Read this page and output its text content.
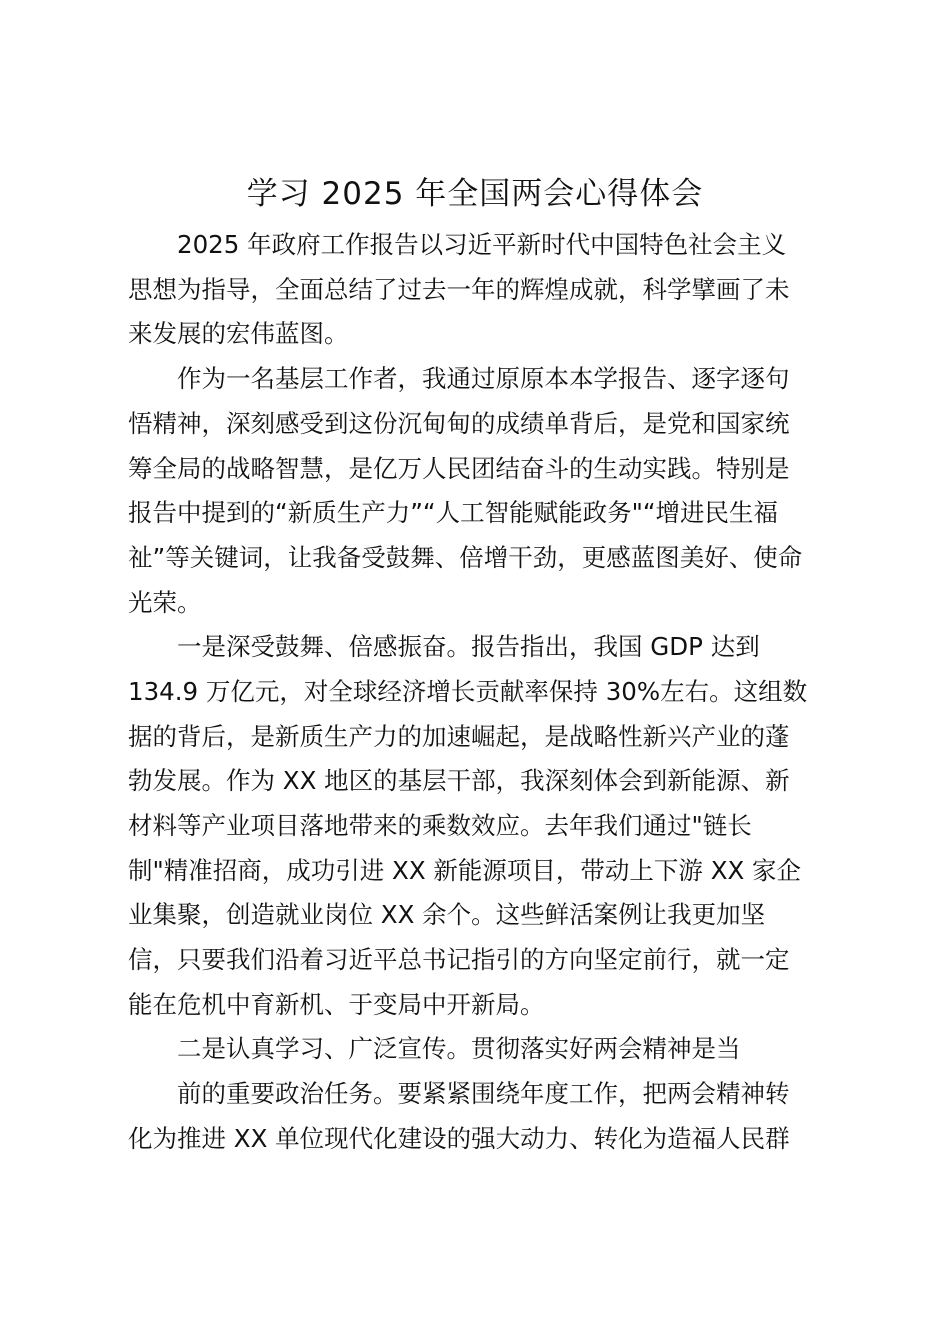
学习 2025 年全国两会心得体会

2025 年政府工作报告以习近平新时代中国特色社会主义

思想为指导，全面总结了过去一年的辉煌成就，科学擘画了未

来发展的宏伟蓝图。

作为一名基层工作者，我通过原原本本学报告、逐字逐句

悟精神，深刻感受到这份沉甸甸的成绩单背后，是党和国家统

筹全局的战略智慧，是亿万人民团结奋斗的生动实践。特别是

报告中提到的“新质生产力”“人工智能赋能政务"“增进民生福

祉”等关键词，让我备受鼓舞、倍增干劲，更感蓝图美好、使命

光荣。

一是深受鼓舞、倍感振奋。报告指出，我国 GDP 达到

134.9 万亿元，对全球经济增长贡献率保持 30%左右。这组数

据的背后，是新质生产力的加速崛起，是战略性新兴产业的蓬

勃发展。作为 XX 地区的基层干部，我深刻体会到新能源、新

材料等产业项目落地带来的乘数效应。去年我们通过"链长

制"精准招商，成功引进 XX 新能源项目，带动上下游 XX 家企

业集聚，创造就业岗位 XX 余个。这些鲜活案例让我更加坚

信，只要我们沿着习近平总书记指引的方向坚定前行，就一定

能在危机中育新机、于变局中开新局。

二是认真学习、广泛宣传。贯彻落实好两会精神是当

前的重要政治任务。要紧紧围绕年度工作，把两会精神转

化为推进 XX 单位现代化建设的强大动力、转化为造福人民群
